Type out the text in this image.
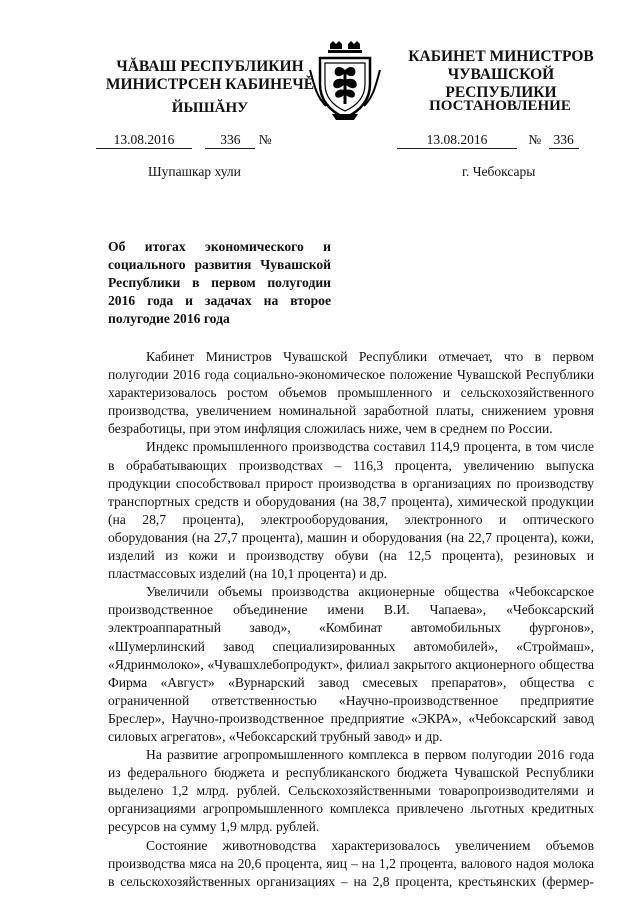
ЧĂВАШ РЕСПУБЛИКИН
МИНИСТРСЕН КАБИНЕЧĚ
ЙЫШĂНУ
КАБИНЕТ МИНИСТРОВ
ЧУВАШСКОЙ РЕСПУБЛИКИ
ПОСТАНОВЛЕНИЕ
13.08.2016	336 №	13.08.2016	№ 336
Шупашкар хули	г. Чебоксары
Об итогах экономического и социального развития Чувашской Республики в первом полугодии 2016 года и задачах на второе полугодие 2016 года

Кабинет Министров Чувашской Республики отмечает, что в первом полугодии 2016 года социально-экономическое положение Чувашской Республики характеризовалось ростом объемов промышленного и сельскохозяйственного производства, увеличением номинальной заработной платы, снижением уровня безработицы, при этом инфляция сложилась ниже, чем в среднем по России.

Индекс промышленного производства составил 114,9 процента, в том числе в обрабатывающих производствах – 116,3 процента, увеличению выпуска продукции способствовал прирост производства в организациях по производству транспортных средств и оборудования (на 38,7 процента), химической продукции (на 28,7 процента), электрооборудования, электронного и оптического оборудования (на 27,7 процента), машин и оборудования (на 22,7 процента), кожи, изделий из кожи и производству обуви (на 12,5 процента), резиновых и пластмассовых изделий (на 10,1 процента) и др.

Увеличили объемы производства акционерные общества «Чебоксарское производственное объединение имени В.И. Чапаева», «Чебоксарский электроаппаратный завод», «Комбинат автомобильных фургонов», «Шумерлинский завод специализированных автомобилей», «Строймаш», «Ядринмолоко», «Чувашхлебопродукт», филиал закрытого акционерного общества Фирма «Август» «Вурнарский завод смесевых препаратов», общества с ограниченной ответственностью «Научно-производственное предприятие Бреслер», Научно-производственное предприятие «ЭКРА», «Чебоксарский завод силовых агрегатов», «Чебоксарский трубный завод» и др.

На развитие агропромышленного комплекса в первом полугодии 2016 года из федерального бюджета и республиканского бюджета Чувашской Республики выделено 1,2 млрд. рублей. Сельскохозяйственными товаропроизводителями и организациями агропромышленного комплекса привлечено льготных кредитных ресурсов на сумму 1,9 млрд. рублей.

Состояние животноводства характеризовалось увеличением объемов производства мяса на 20,6 процента, яиц – на 1,2 процента, валового надоя молока в сельскохозяйственных организациях – на 2,8 процента, крестьянских (фермер-
